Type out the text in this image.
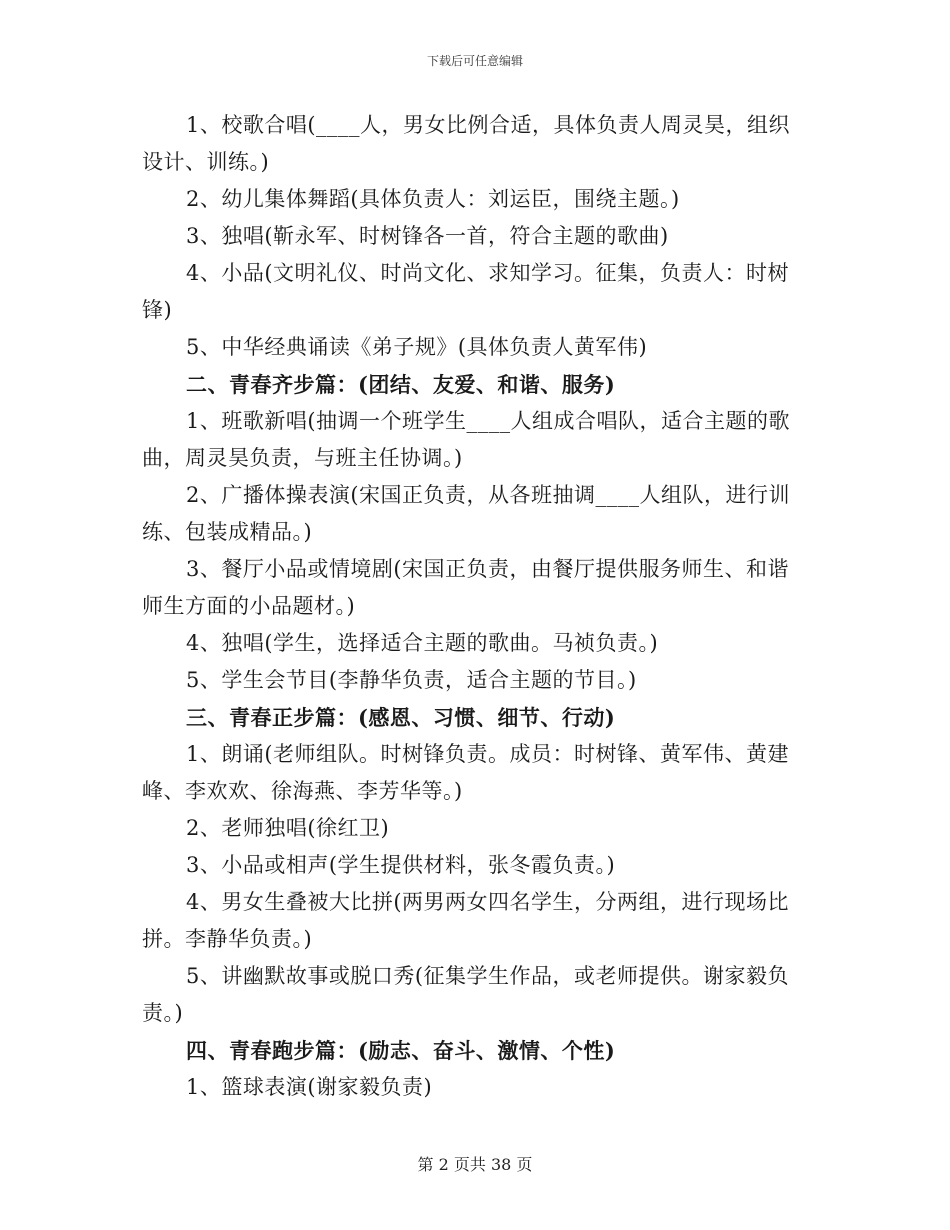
下载后可任意编辑
1、校歌合唱(____人，男女比例合适，具体负责人周灵昊，组织
设计、训练。)
2、幼儿集体舞蹈(具体负责人：刘运臣，围绕主题。)
3、独唱(靳永军、时树锋各一首，符合主题的歌曲)
4、小品(文明礼仪、时尚文化、求知学习。征集，负责人：时树
锋)
5、中华经典诵读《弟子规》(具体负责人黄军伟)
二、青春齐步篇：(团结、友爱、和谐、服务)
1、班歌新唱(抽调一个班学生____人组成合唱队，适合主题的歌
曲，周灵昊负责，与班主任协调。)
2、广播体操表演(宋国正负责，从各班抽调____人组队，进行训
练、包装成精品。)
3、餐厅小品或情境剧(宋国正负责，由餐厅提供服务师生、和谐
师生方面的小品题材。)
4、独唱(学生，选择适合主题的歌曲。马祯负责。)
5、学生会节目(李静华负责，适合主题的节目。)
三、青春正步篇：(感恩、习惯、细节、行动)
1、朗诵(老师组队。时树锋负责。成员：时树锋、黄军伟、黄建
峰、李欢欢、徐海燕、李芳华等。)
2、老师独唱(徐红卫)
3、小品或相声(学生提供材料，张冬霞负责。)
4、男女生叠被大比拼(两男两女四名学生，分两组，进行现场比
拼。李静华负责。)
5、讲幽默故事或脱口秀(征集学生作品，或老师提供。谢家毅负
责。)
四、青春跑步篇：(励志、奋斗、激情、个性)
1、篮球表演(谢家毅负责)
第 2 页共 38 页
